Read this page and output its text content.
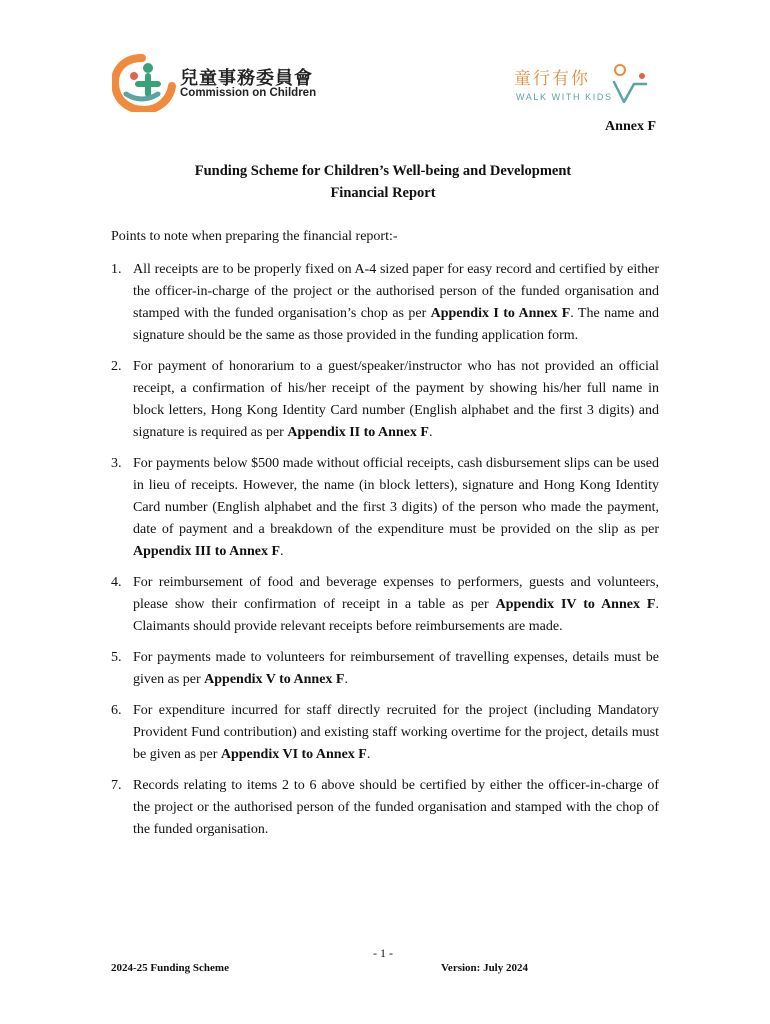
兒童事務委員會
Commission on Children
童行有你
WALK WITH KIDS
Annex F
Funding Scheme for Children’s Well-being and Development
Financial Report
Points to note when preparing the financial report:-
1. All receipts are to be properly fixed on A-4 sized paper for easy record and certified by either the officer-in-charge of the project or the authorised person of the funded organisation and stamped with the funded organisation’s chop as per Appendix I to Annex F. The name and signature should be the same as those provided in the funding application form.
2. For payment of honorarium to a guest/speaker/instructor who has not provided an official receipt, a confirmation of his/her receipt of the payment by showing his/her full name in block letters, Hong Kong Identity Card number (English alphabet and the first 3 digits) and signature is required as per Appendix II to Annex F.
3. For payments below $500 made without official receipts, cash disbursement slips can be used in lieu of receipts. However, the name (in block letters), signature and Hong Kong Identity Card number (English alphabet and the first 3 digits) of the person who made the payment, date of payment and a breakdown of the expenditure must be provided on the slip as per Appendix III to Annex F.
4. For reimbursement of food and beverage expenses to performers, guests and volunteers, please show their confirmation of receipt in a table as per Appendix IV to Annex F. Claimants should provide relevant receipts before reimbursements are made.
5. For payments made to volunteers for reimbursement of travelling expenses, details must be given as per Appendix V to Annex F.
6. For expenditure incurred for staff directly recruited for the project (including Mandatory Provident Fund contribution) and existing staff working overtime for the project, details must be given as per Appendix VI to Annex F.
7. Records relating to items 2 to 6 above should be certified by either the officer-in-charge of the project or the authorised person of the funded organisation and stamped with the chop of the funded organisation.
- 1 -
2024-25 Funding Scheme	Version: July 2024
